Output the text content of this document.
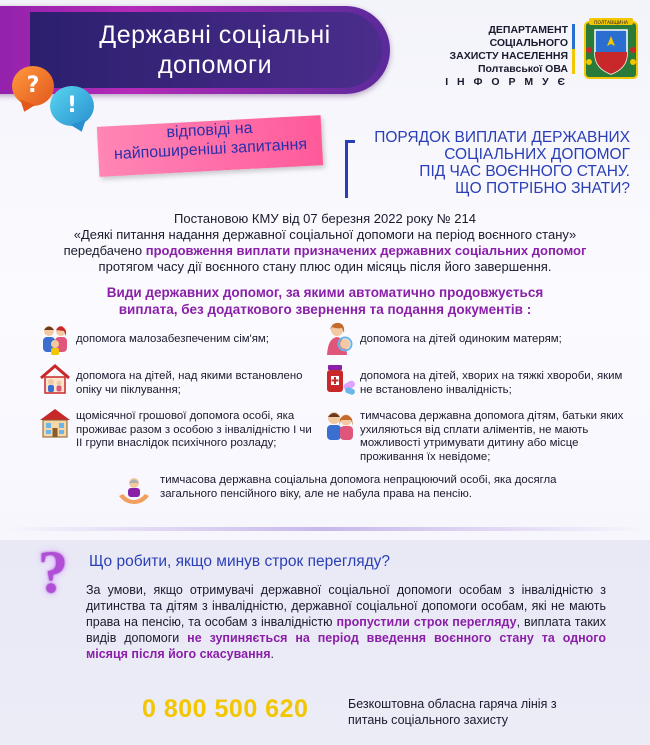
Державні соціальні допомоги
?
!
ДЕПАРТАМЕНТ СОЦІАЛЬНОГО
ЗАХИСТУ НАСЕЛЕННЯ
Полтавської ОВА
І Н Ф О Р М У Є
ПОЛТАВЩИНА
відповіді на
найпоширеніші запитання	ПОРЯДОК ВИПЛАТИ ДЕРЖАВНИХ
СОЦІАЛЬНИХ ДОПОМОГ
ПІД ЧАС ВОЄННОГО СТАНУ.
ЩО ПОТРІБНО ЗНАТИ?
Постановою КМУ від 07 березня 2022 року № 214
«Деякі питання надання державної соціальної допомоги на період воєнного стану»
передбачено продовження виплати призначених державних соціальних допомог
протягом часу дії воєнного стану плюс один місяць після його завершення.
Види державних допомог, за якими автоматично продовжується
виплата, без додаткового звернення та подання документів :
допомога малозабезпеченим сім'ям;
допомога на дітей, над якими встановлено опіку чи піклування;
щомісячної грошової допомога особі, яка проживає разом з особою з інвалідністю І чи ІІ групи внаслідок психічного розладу;
допомога на дітей одиноким матерям;
допомога на дітей, хворих на тяжкі хвороби, яким не встановлено інвалідність;
тимчасова державна допомога дітям, батьки яких ухиляються від сплати аліментів, не мають можливості утримувати дитину або місце проживання їх невідоме;
тимчасова державна соціальна допомога непрацюючий особі, яка досягла загального пенсійного віку, але не набула права на пенсію.
?	Що робити, якщо минув строк перегляду?
За умови, якщо отримувачі державної соціальної допомоги особам з інвалідністю з дитинства та дітям з інвалідністю, державної соціальної допомоги особам, які не мають права на пенсію, та особам з інвалідністю пропустили строк перегляду, виплата таких видів допомоги не зупиняється на період введення воєнного стану та одного місяця після його скасування.
0 800 500 620	Безкоштовна обласна гаряча лінія з
питань соціального захисту
